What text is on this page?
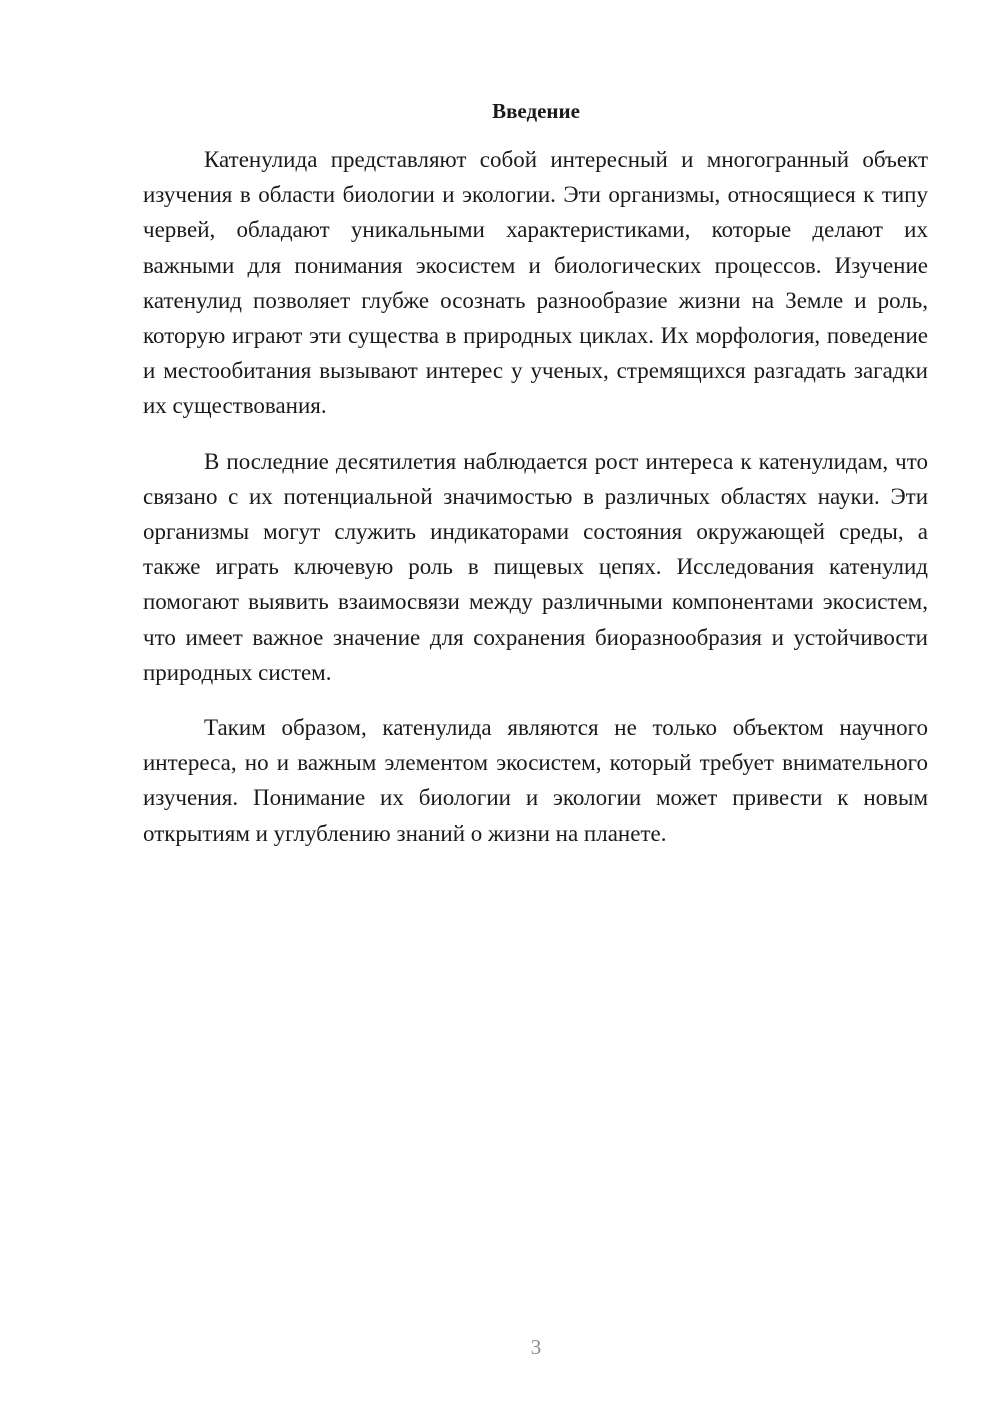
Введение

Катенулида представляют собой интересный и многогранный объект изучения в области биологии и экологии. Эти организмы, относящиеся к типу червей, обладают уникальными характеристиками, которые делают их важными для понимания экосистем и биологических процессов. Изучение катенулид позволяет глубже осознать разнообразие жизни на Земле и роль, которую играют эти существа в природных циклах. Их морфология, поведение и местообитания вызывают интерес у ученых, стремящихся разгадать загадки их существования.

В последние десятилетия наблюдается рост интереса к катенулидам, что связано с их потенциальной значимостью в различных областях науки. Эти организмы могут служить индикаторами состояния окружающей среды, а также играть ключевую роль в пищевых цепях. Исследования катенулид помогают выявить взаимосвязи между различными компонентами экосистем, что имеет важное значение для сохранения биоразнообразия и устойчивости природных систем.

Таким образом, катенулида являются не только объектом научного интереса, но и важным элементом экосистем, который требует внимательного изучения. Понимание их биологии и экологии может привести к новым открытиям и углублению знаний о жизни на планете.

3
